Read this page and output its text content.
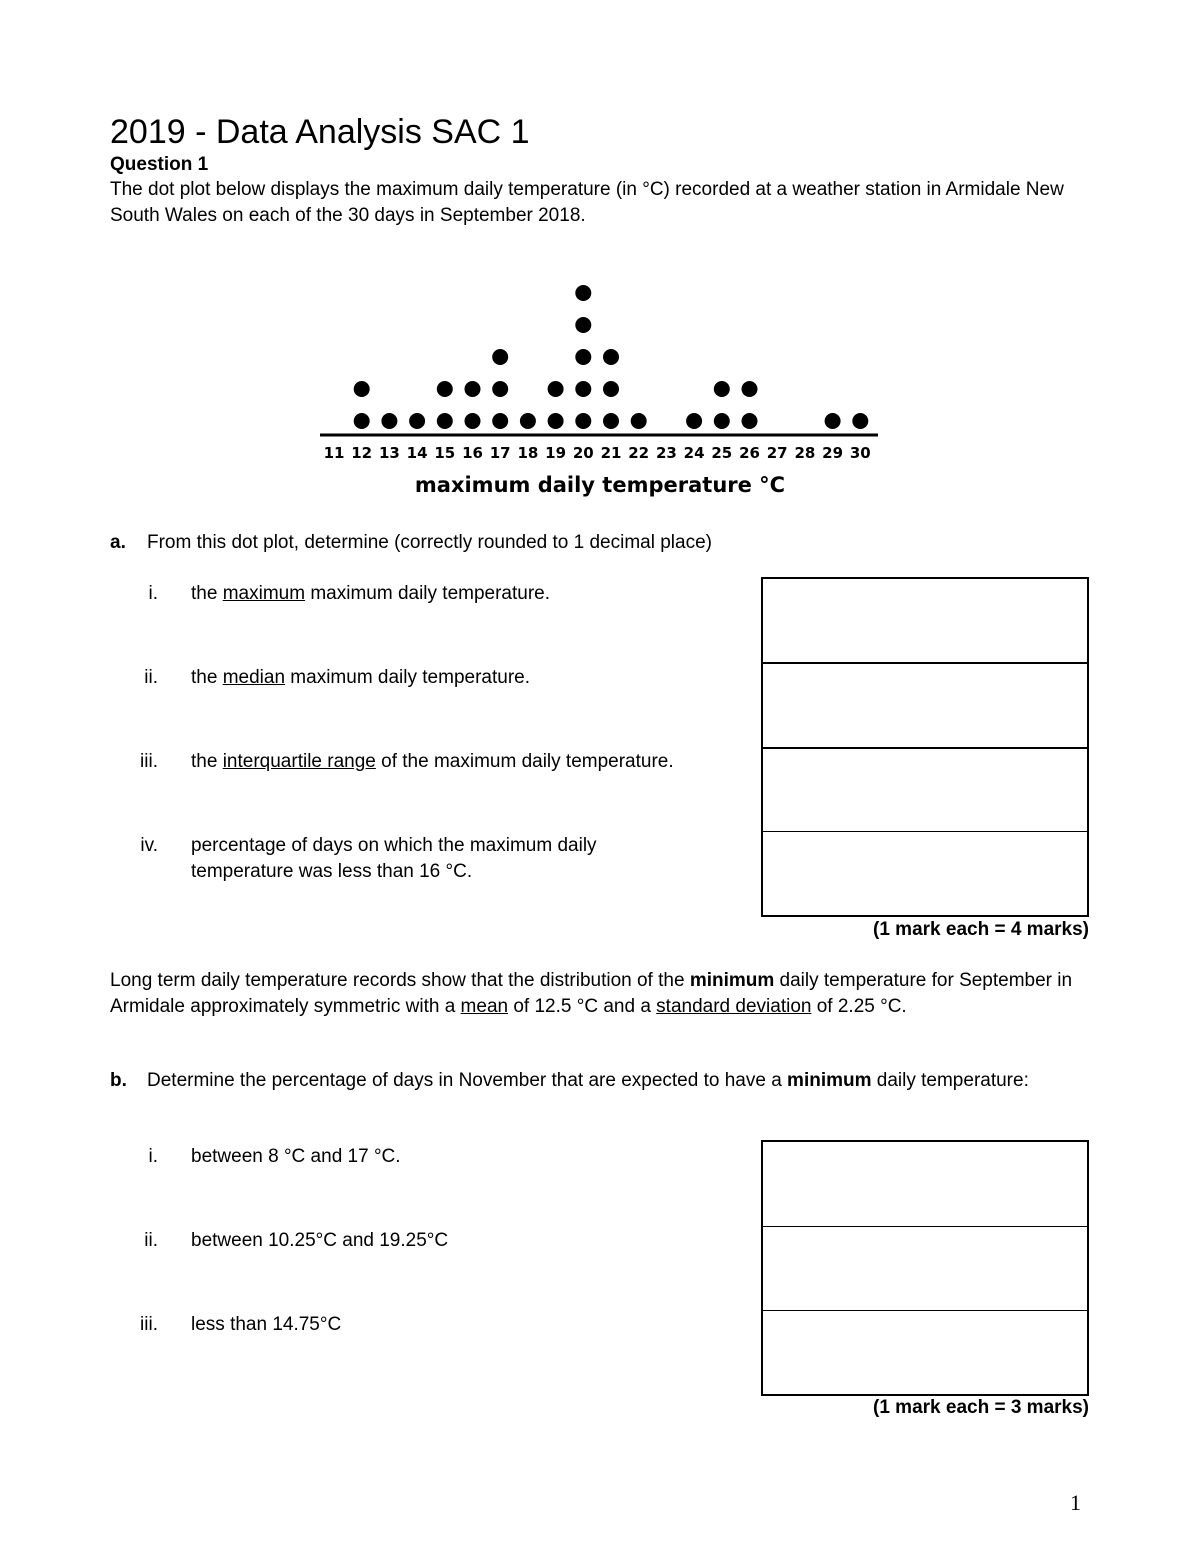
2019 - Data Analysis SAC 1
Question 1
The dot plot below displays the maximum daily temperature (in °C) recorded at a weather station in Armidale New South Wales on each of the 30 days in September 2018.
11 12 13 14 15 16 17 18 19 20 21 22 23 24 25 26 27 28 29 30
maximum daily temperature °C
a. From this dot plot, determine (correctly rounded to 1 decimal place)
i. the maximum maximum daily temperature.
ii. the median maximum daily temperature.
iii. the interquartile range of the maximum daily temperature.
iv. percentage of days on which the maximum daily
temperature was less than 16 °C.
(1 mark each = 4 marks)
Long term daily temperature records show that the distribution of the minimum daily temperature for September in Armidale approximately symmetric with a mean of 12.5 °C and a standard deviation of 2.25 °C.
b. Determine the percentage of days in November that are expected to have a minimum daily temperature:
i. between 8 °C and 17 °C.
ii. between 10.25°C and 19.25°C
iii. less than 14.75°C
(1 mark each = 3 marks)
1
